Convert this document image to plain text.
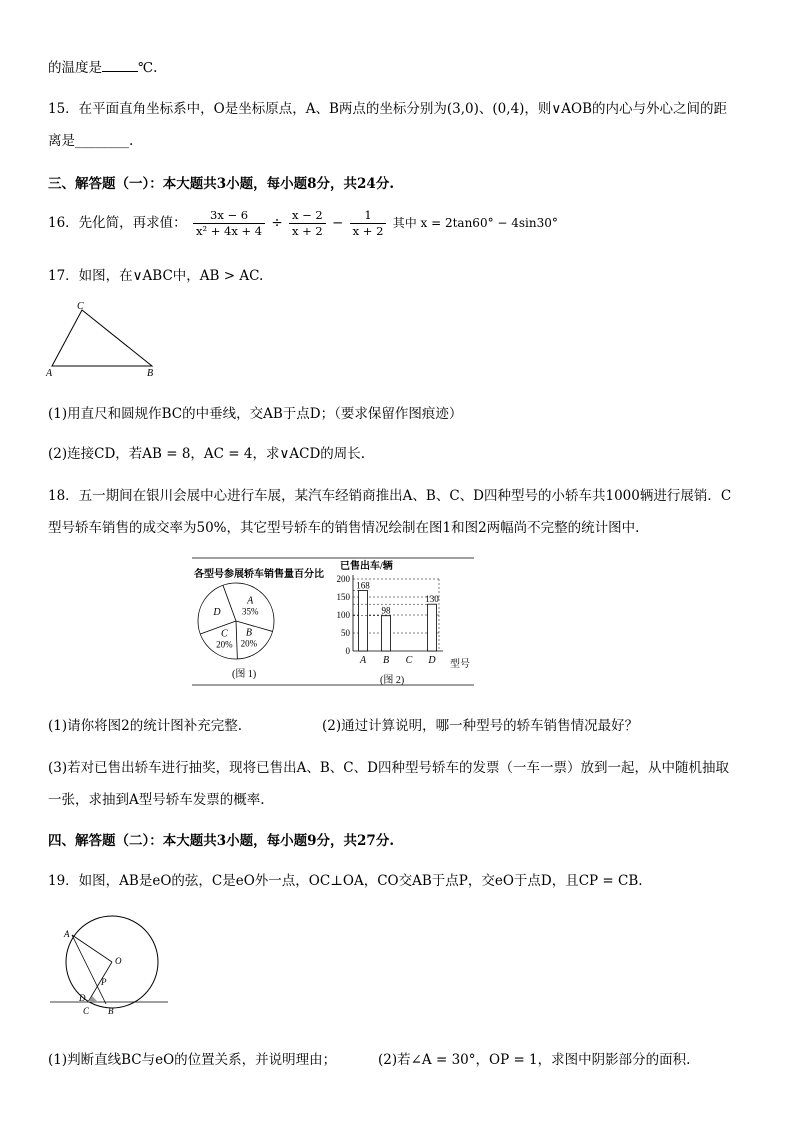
的温度是	℃.
15．在平面直角坐标系中，O是坐标原点，A、B两点的坐标分别为(3,0)、(0,4)，则∨AOB的内心与外心之间的距
离是________.
三、解答题（一）：本大题共3小题，每小题8分，共24分.
16．先化简，再求值： $\frac{3x - 6}{\text{x² + 4x + 4}} \div \frac{x - 2}{x + 2} - \frac{1}{x + 2}$ 其中 x = 2tan60° − 4sin30°
17．如图，在∨ABC中，AB > AC.
C
A	B
(1)用直尺和圆规作BC的中垂线，交AB于点D；（要求保留作图痕迹）
(2)连接CD，若AB = 8，AC = 4，求∨ACD的周长.
18．五一期间在银川会展中心进行车展，某汽车经销商推出A、B、C、D四种型号的小轿车共1000辆进行展销．C
型号轿车销售的成交率为50%，其它型号轿车的销售情况绘制在图1和图2两幅尚不完整的统计图中.
各型号参展轿车销售量百分比
A
35%
B
20%
C
20%
D
(图 1)
已售出车/辆
0
50
100
150
200
168
A
98
B C
130
D 型号
(图 2)
(1)请你将图2的统计图补充完整.	(2)通过计算说明，哪一种型号的轿车销售情况最好？
(3)若对已售出轿车进行抽奖，现将已售出A、B、C、D四种型号轿车的发票（一车一票）放到一起，从中随机抽取
一张，求抽到A型号轿车发票的概率.
四、解答题（二）：本大题共3小题，每小题9分，共27分.
19．如图，AB是eO的弦，C是eO外一点，OC⊥OA，CO交AB于点P，交eO于点D，且CP = CB.
A
O
P
D
C B
(1)判断直线BC与eO的位置关系，并说明理由；	(2)若∠A = 30°，OP = 1，求图中阴影部分的面积.
